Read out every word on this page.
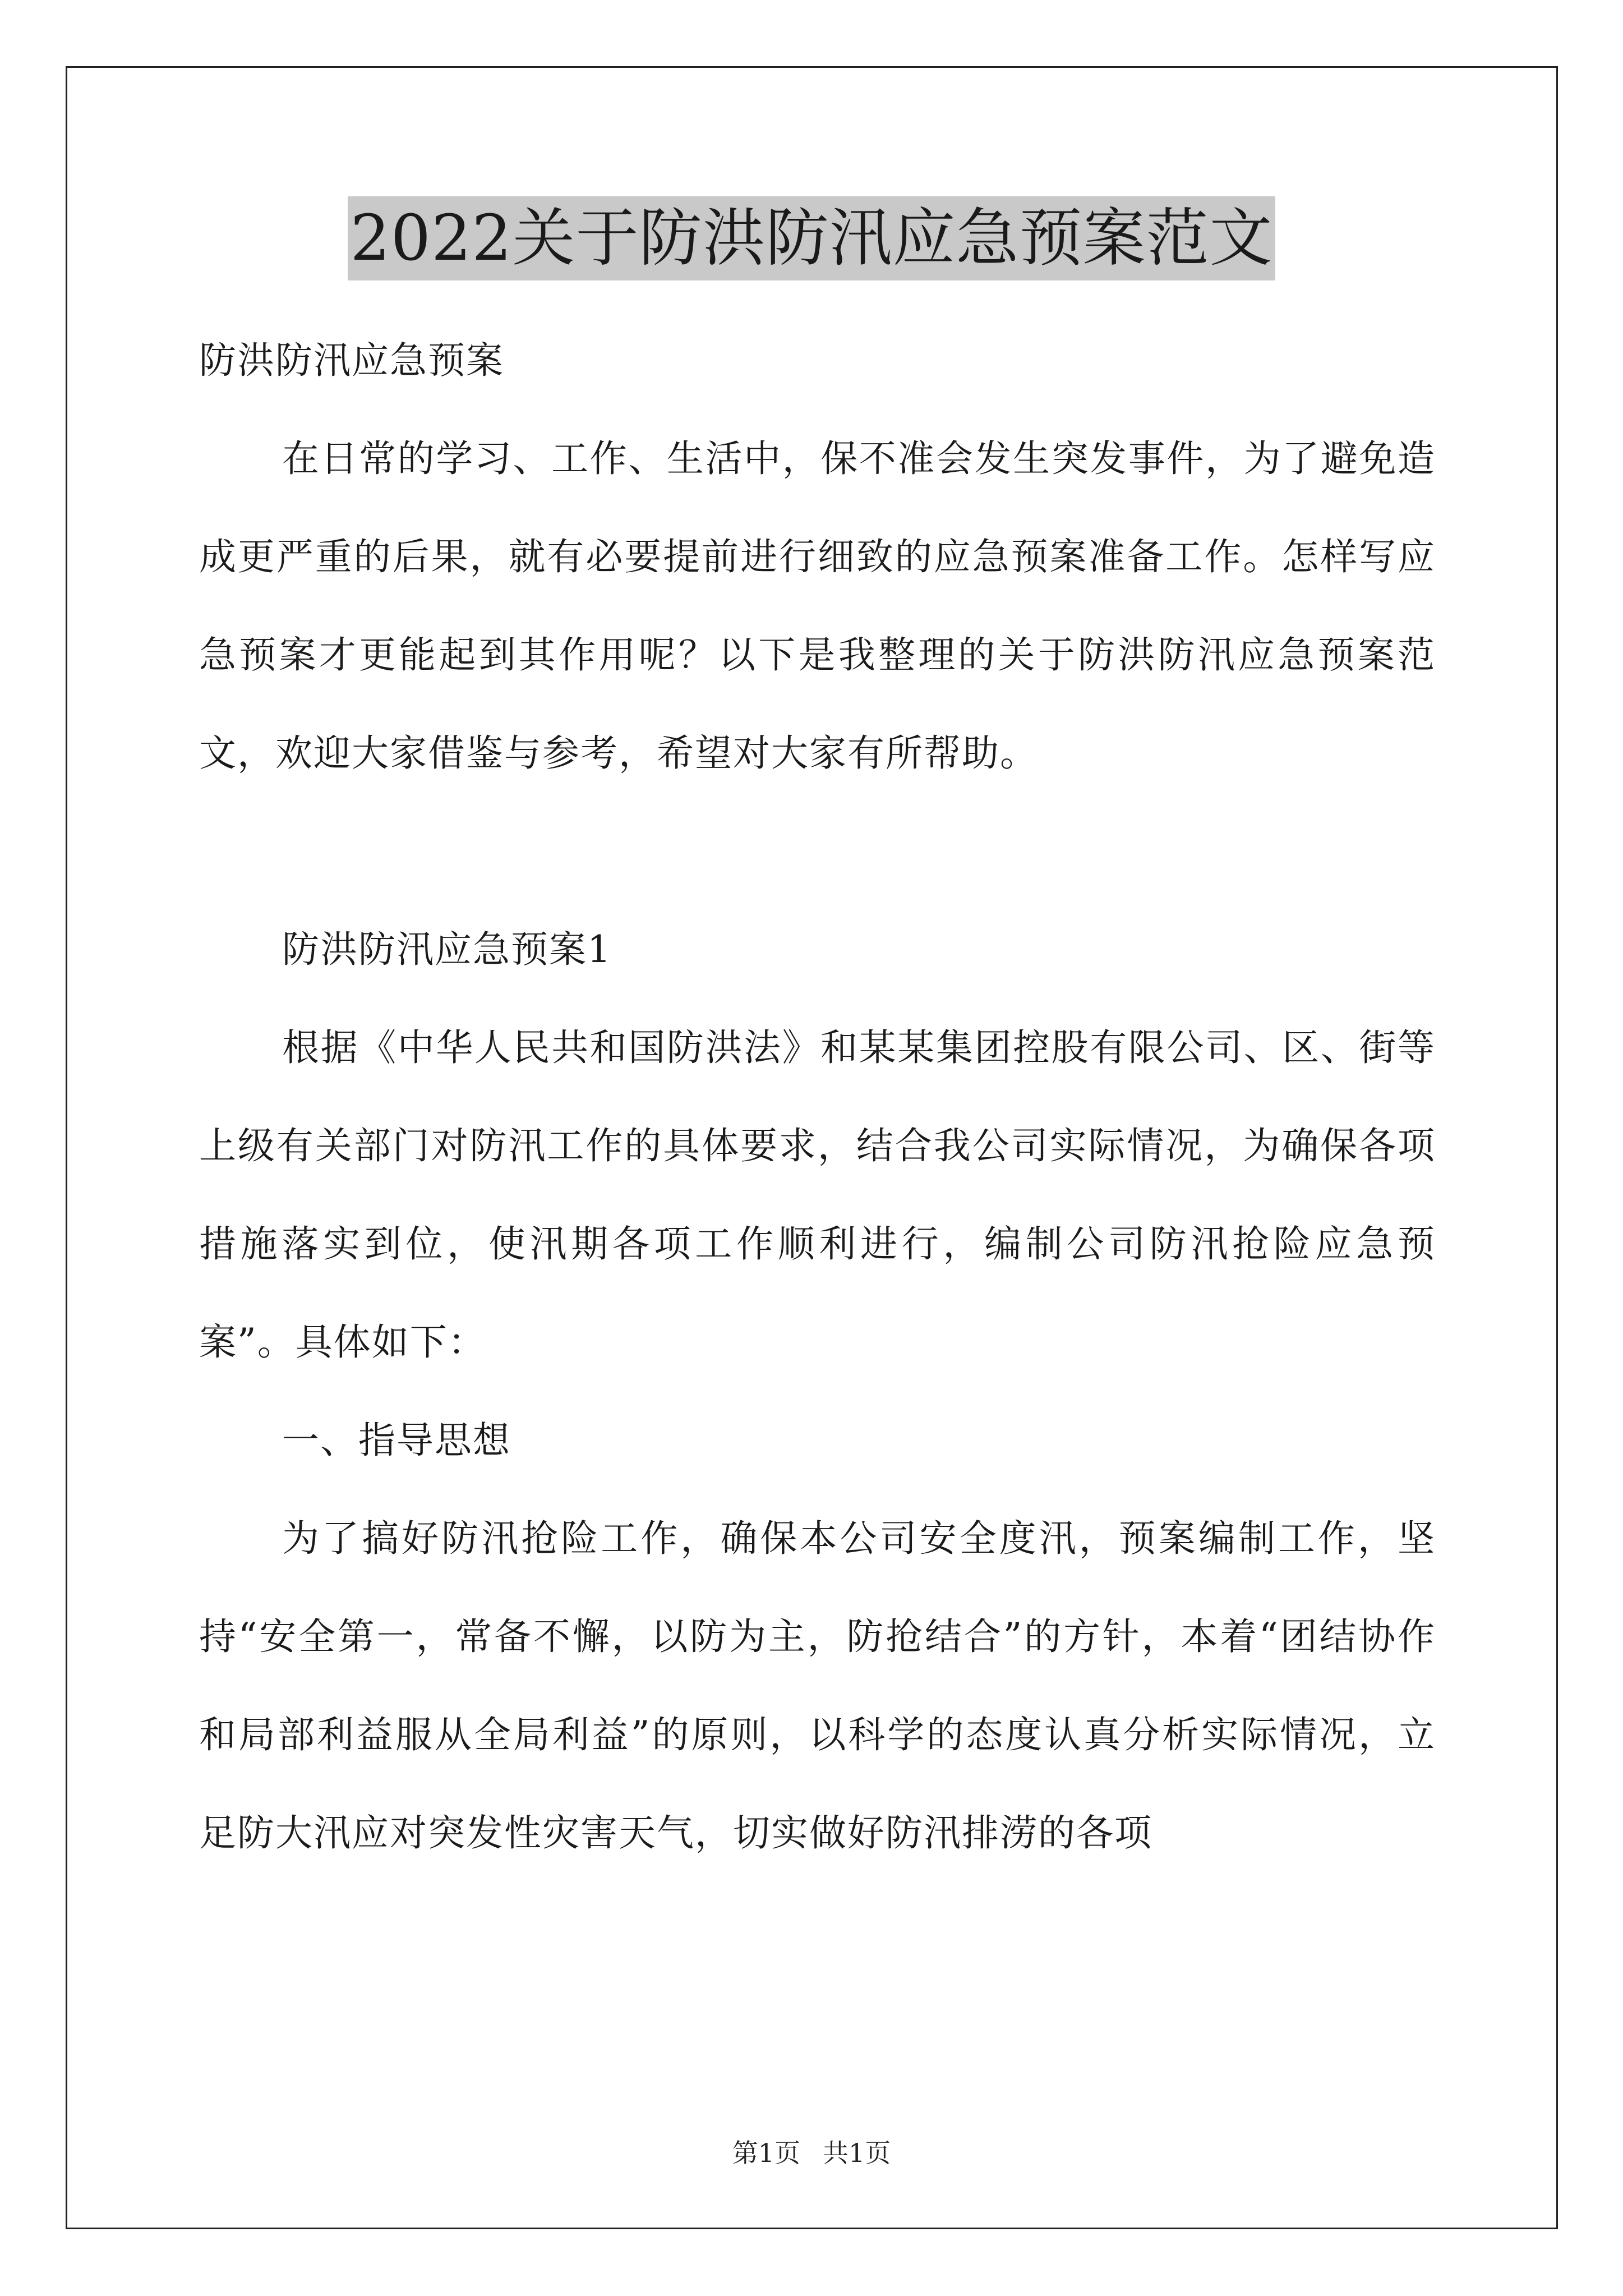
2022关于防洪防汛应急预案范文

防洪防汛应急预案

在日常的学习、工作、生活中，保不准会发生突发事件，为了避免造成更严重的后果，就有必要提前进行细致的应急预案准备工作。怎样写应急预案才更能起到其作用呢？以下是我整理的关于防洪防汛应急预案范文，欢迎大家借鉴与参考，希望对大家有所帮助。

防洪防汛应急预案1

根据《中华人民共和国防洪法》和某某集团控股有限公司、区、街等上级有关部门对防汛工作的具体要求，结合我公司实际情况，为确保各项措施落实到位，使汛期各项工作顺利进行，编制公司防汛抢险应急预案”。具体如下：

一、指导思想

为了搞好防汛抢险工作，确保本公司安全度汛，预案编制工作，坚持“安全第一，常备不懈，以防为主，防抢结合”的方针，本着“团结协作和局部利益服从全局利益”的原则，以科学的态度认真分析实际情况，立足防大汛应对突发性灾害天气，切实做好防汛排涝的各项

第1页 共1页
